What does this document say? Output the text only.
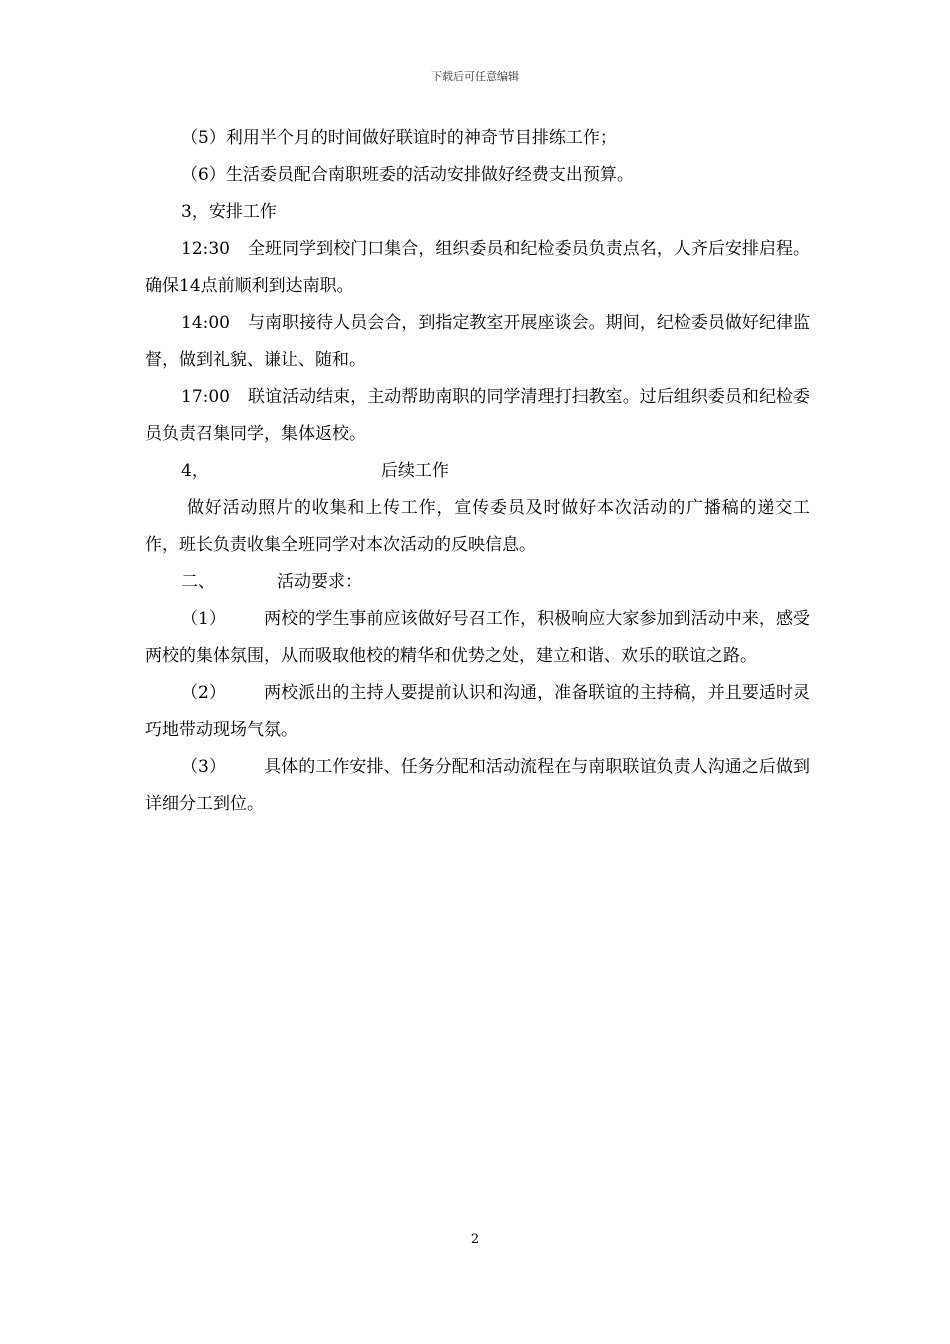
下载后可任意编辑

（5）利用半个月的时间做好联谊时的神奇节目排练工作；

（6）生活委员配合南职班委的活动安排做好经费支出预算。

3，安排工作

12:30 全班同学到校门口集合，组织委员和纪检委员负责点名，人齐后安排启程。确保14点前顺利到达南职。

14:00 与南职接待人员会合，到指定教室开展座谈会。期间，纪检委员做好纪律监督，做到礼貌、谦让、随和。

17:00 联谊活动结束，主动帮助南职的同学清理打扫教室。过后组织委员和纪检委员负责召集同学，集体返校。

4，	后续工作

做好活动照片的收集和上传工作，宣传委员及时做好本次活动的广播稿的递交工作，班长负责收集全班同学对本次活动的反映信息。

二、	活动要求：

（1） 两校的学生事前应该做好号召工作，积极响应大家参加到活动中来，感受两校的集体氛围，从而吸取他校的精华和优势之处，建立和谐、欢乐的联谊之路。

（2） 两校派出的主持人要提前认识和沟通，准备联谊的主持稿，并且要适时灵巧地带动现场气氛。

（3） 具体的工作安排、任务分配和活动流程在与南职联谊负责人沟通之后做到详细分工到位。

2
